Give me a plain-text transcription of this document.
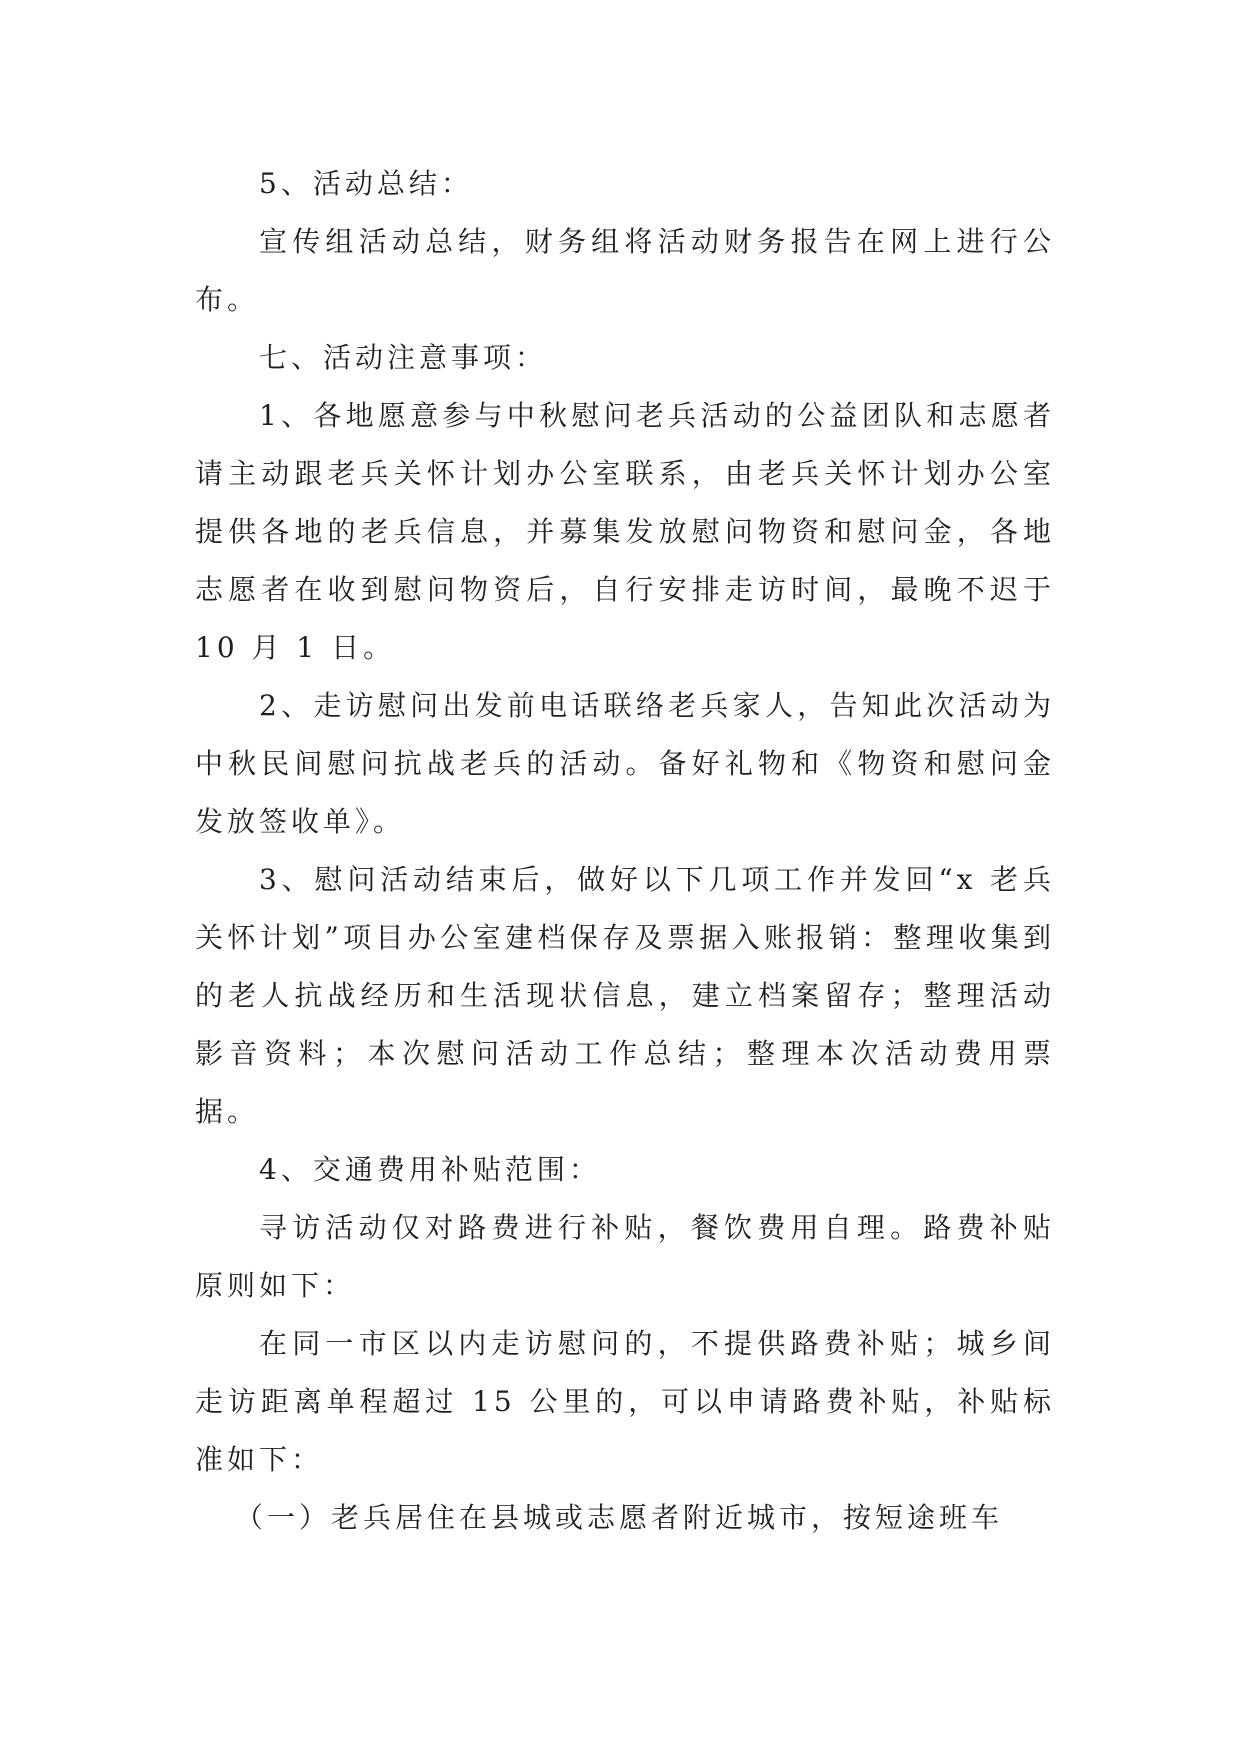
5、活动总结：

宣传组活动总结，财务组将活动财务报告在网上进行公布。

七、活动注意事项：

1、各地愿意参与中秋慰问老兵活动的公益团队和志愿者请主动跟老兵关怀计划办公室联系，由老兵关怀计划办公室提供各地的老兵信息，并募集发放慰问物资和慰问金，各地志愿者在收到慰问物资后，自行安排走访时间，最晚不迟于 10 月 1 日。

2、走访慰问出发前电话联络老兵家人，告知此次活动为中秋民间慰问抗战老兵的活动。备好礼物和《物资和慰问金发放签收单》。

3、慰问活动结束后，做好以下几项工作并发回“x 老兵关怀计划”项目办公室建档保存及票据入账报销：整理收集到的老人抗战经历和生活现状信息，建立档案留存；整理活动影音资料；本次慰问活动工作总结；整理本次活动费用票据。

4、交通费用补贴范围：

寻访活动仅对路费进行补贴，餐饮费用自理。路费补贴原则如下：

在同一市区以内走访慰问的，不提供路费补贴；城乡间走访距离单程超过 15 公里的，可以申请路费补贴，补贴标准如下：

（一）老兵居住在县城或志愿者附近城市，按短途班车
